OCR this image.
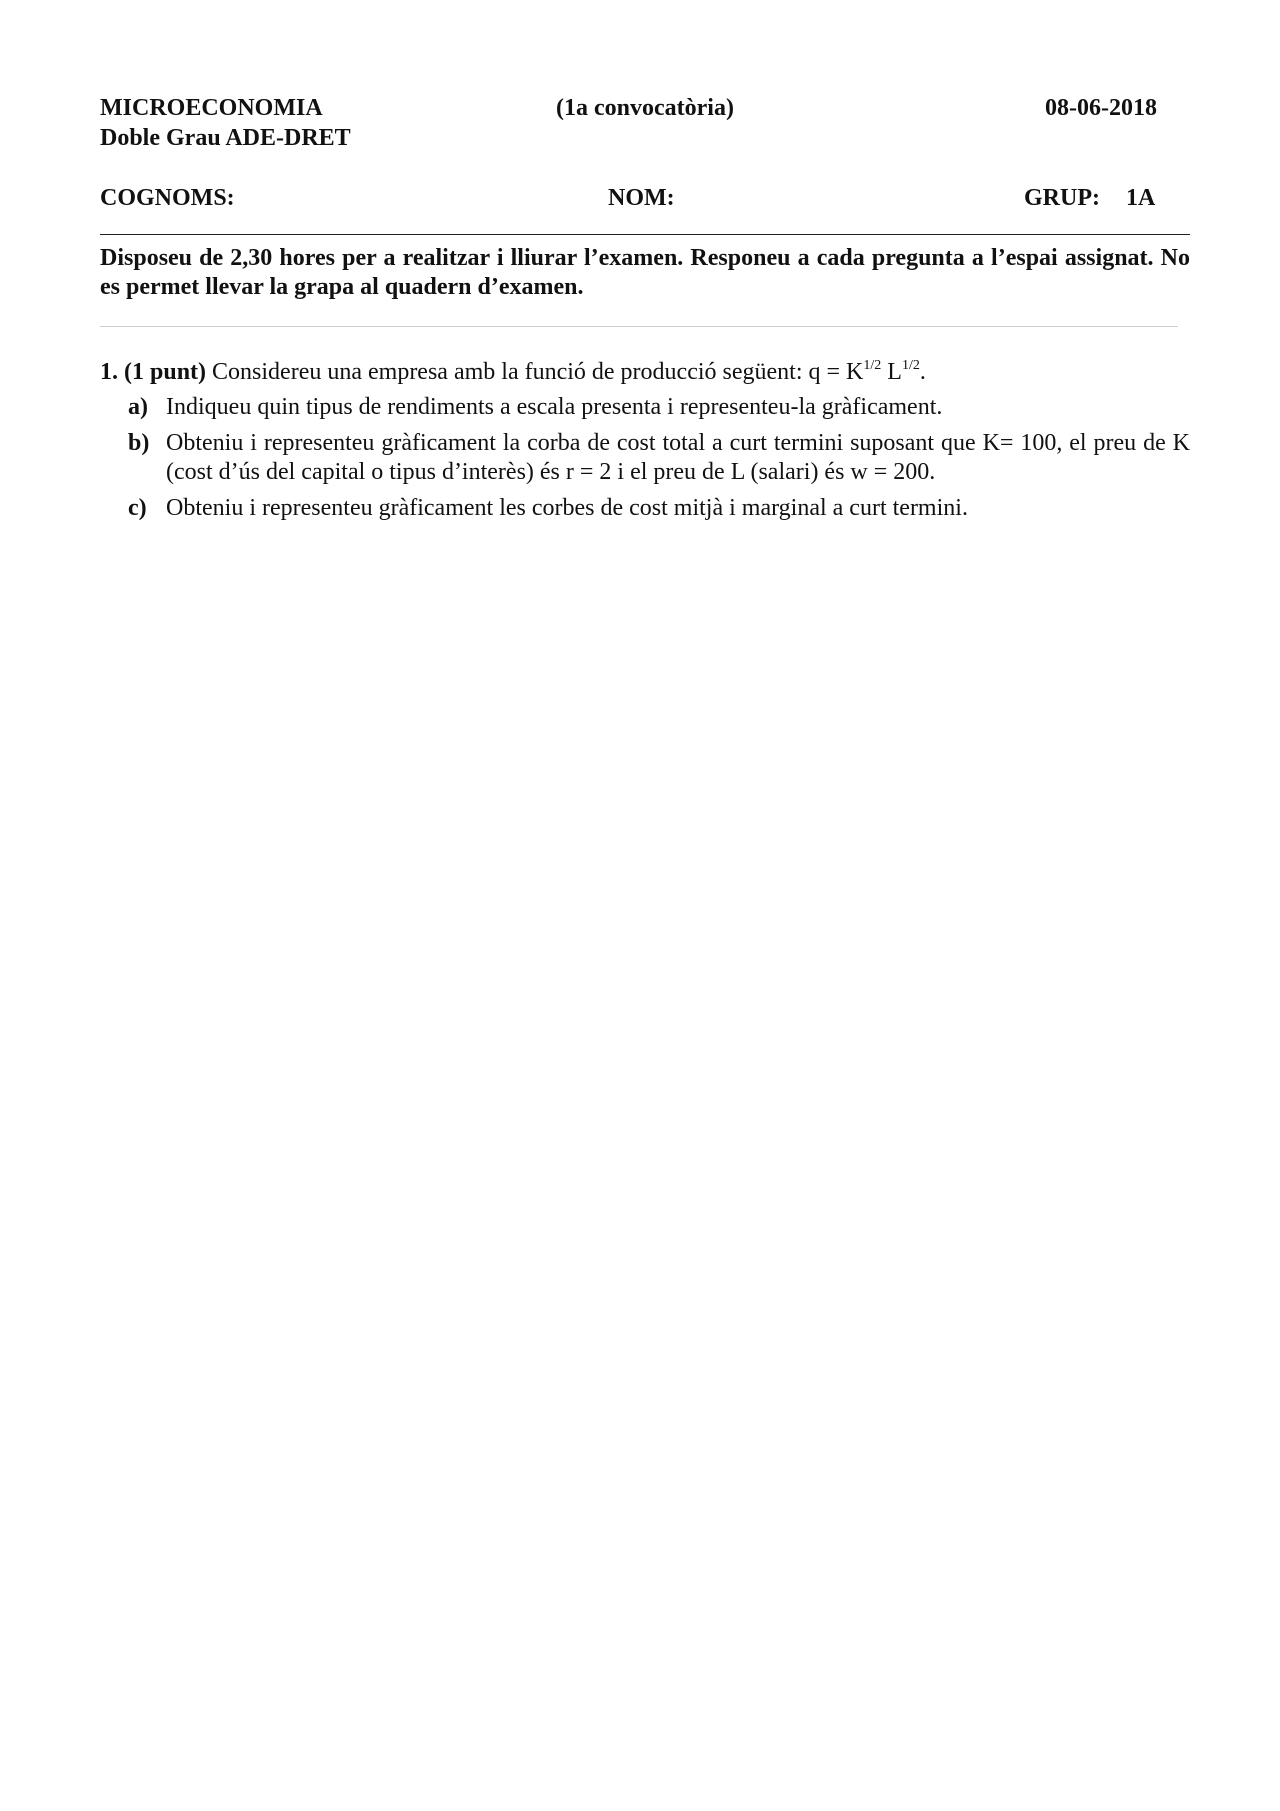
MICROECONOMIA	(1a convocatòria)	08-06-2018
Doble Grau ADE-DRET
COGNOMS:	NOM:	GRUP: 1A
Disposeu de 2,30 hores per a realitzar i lliurar l’examen. Responeu a cada pregunta a l’espai assignat. No es permet llevar la grapa al quadern d’examen.
1. (1 punt) Considereu una empresa amb la funció de producció següent: $q = K^{1/2}$ $L^{1/2}$.
a) Indiqueu quin tipus de rendiments a escala presenta i representeu-la gràficament.
b) Obteniu i representeu gràficament la corba de cost total a curt termini suposant que K= 100, el preu de K (cost d’ús del capital o tipus d’interès) és r = 2 i el preu de L (salari) és w = 200.
c) Obteniu i representeu gràficament les corbes de cost mitjà i marginal a curt termini.
